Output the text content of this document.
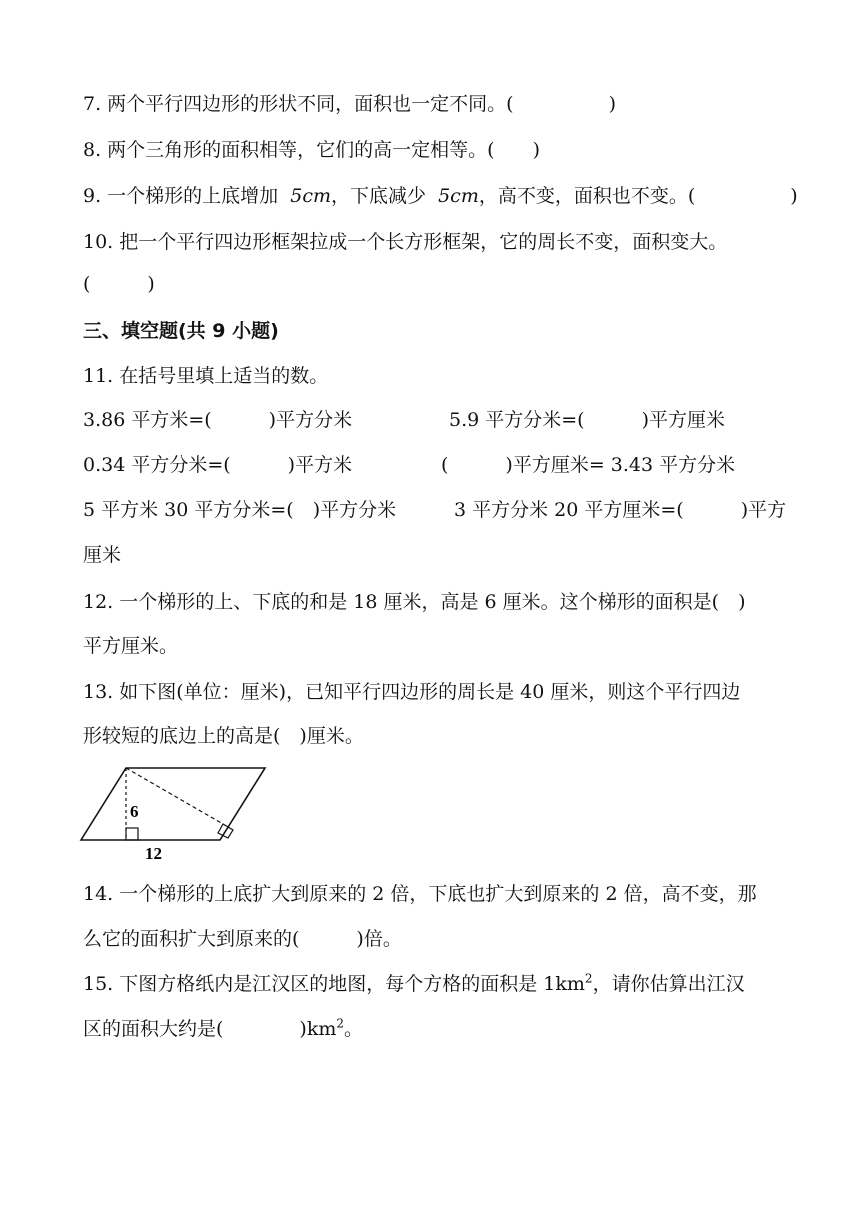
7. 两个平行四边形的形状不同，面积也一定不同。(　　　　　)
8. 两个三角形的面积相等，它们的高一定相等。(　　)
9. 一个梯形的上底增加  5cm，下底减少  5cm，高不变，面积也不变。(　　　　　)
10. 把一个平行四边形框架拉成一个长方形框架，它的周长不变，面积变大。
(　　　)
三、填空题(共 9 小题)
11. 在括号里填上适当的数。
3.86 平方米=(　　　)平方分米	5.9 平方分米=(　　　)平方厘米
0.34 平方分米=(　　　)平方米	(　　　)平方厘米= 3.43 平方分米
5 平方米 30 平方分米=(　)平方分米	3 平方分米 20 平方厘米=(　　　)平方
厘米
12. 一个梯形的上、下底的和是 18 厘米，高是 6 厘米。这个梯形的面积是(　)
平方厘米。
13. 如下图(单位：厘米)，已知平行四边形的周长是 40 厘米，则这个平行四边
形较短的底边上的高是(　)厘米。
6
12
14. 一个梯形的上底扩大到原来的 2 倍，下底也扩大到原来的 2 倍，高不变，那
么它的面积扩大到原来的(　　　)倍。
15. 下图方格纸内是江汉区的地图，每个方格的面积是 $1km^2$，请你估算出江汉
区的面积大约是(　　　　)$km^2$。
